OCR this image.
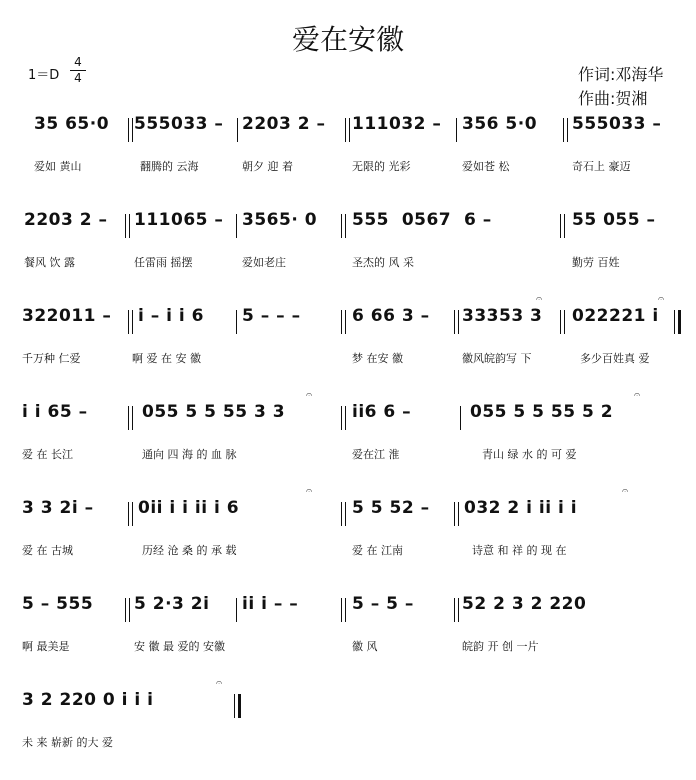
爱在安徽
1＝D
4
4	作词:邓海华
作曲:贺湘
35 65·0 555033 – 2203 2 – 111032 – 356 5·0 555033 –
爱如 黄山	翻腾的 云海	朝夕 迎 着	无限的 光彩	爱如苍 松	奇石上 豪迈
2203 2 – 111065 – 3565· 0 555  0567  6 –	55 055 –
餐风 饮 露	任雷雨 摇摆	爱如老庄	圣杰的 风 采	勤劳 百姓
322011 – i – i i 6 5 – – –	6 66 3 – 33353 3
𝄐
022221 i
𝄐
千万种 仁爱	啊 爱 在 安 徽	梦 在安 徽	徽风皖韵写 下	多少百姓真 爱
i i 65 –	055 5 5 55 3 3
𝄐
ii6 6 –	055 5 5 55 5 2
𝄐
爱 在 长江	通向 四 海 的 血 脉	爱在江 淮	青山 绿 水 的 可 爱
3 3 2i –	0ii i i ii i 6
𝄐
5 5 52 – 032 2 i ii i i
𝄐
爱 在 古城	历经 沧 桑 的 承 载	爱 在 江南	诗意 和 祥 的 现 在
5 – 555 5 2·3 2i ii i – –	5 – 5 –	52 2 3 2 220
啊 最美是	安 徽 最 爱的 安徽	徽 风	皖韵 开 创 一片
3 2 220 0 i i i
𝄐
未 来 崭新 的大 爱
